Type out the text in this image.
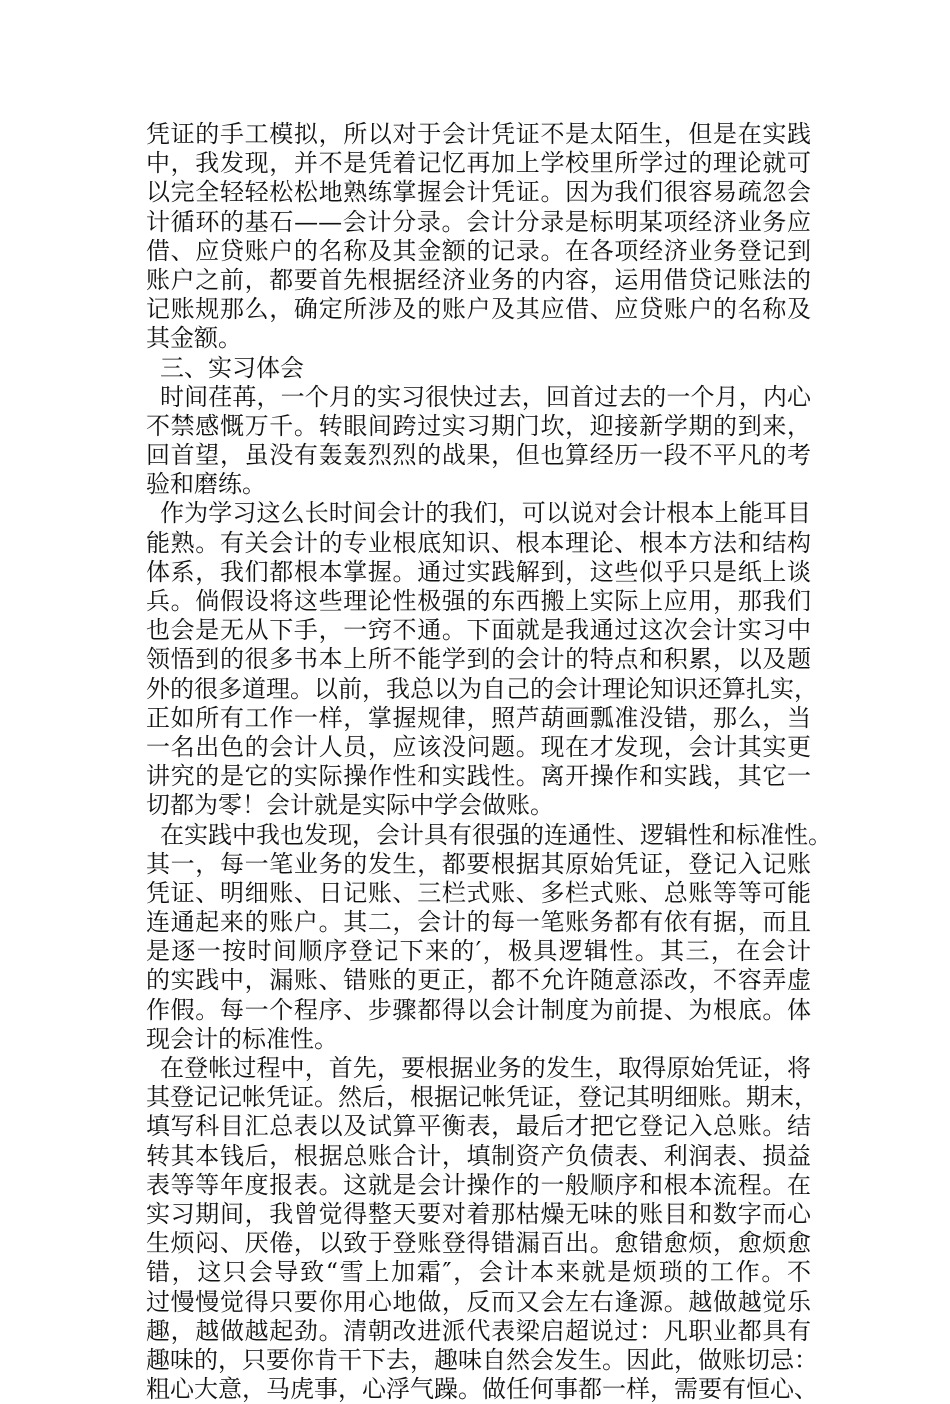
凭证的手工模拟，所以对于会计凭证不是太陌生，但是在实践
中，我发现，并不是凭着记忆再加上学校里所学过的理论就可
以完全轻轻松松地熟练掌握会计凭证。因为我们很容易疏忽会
计循环的基石——会计分录。会计分录是标明某项经济业务应
借、应贷账户的名称及其金额的记录。在各项经济业务登记到
账户之前，都要首先根据经济业务的内容，运用借贷记账法的
记账规那么，确定所涉及的账户及其应借、应贷账户的名称及
其金额。
三、实习体会
时间荏苒，一个月的实习很快过去，回首过去的一个月，内心
不禁感慨万千。转眼间跨过实习期门坎，迎接新学期的到来，
回首望，虽没有轰轰烈烈的战果，但也算经历一段不平凡的考
验和磨练。
作为学习这么长时间会计的我们，可以说对会计根本上能耳目
能熟。有关会计的专业根底知识、根本理论、根本方法和结构
体系，我们都根本掌握。通过实践解到，这些似乎只是纸上谈
兵。倘假设将这些理论性极强的东西搬上实际上应用，那我们
也会是无从下手，一窍不通。下面就是我通过这次会计实习中
领悟到的很多书本上所不能学到的会计的特点和积累，以及题
外的很多道理。以前，我总以为自己的会计理论知识还算扎实，
正如所有工作一样，掌握规律，照芦葫画瓢准没错，那么，当
一名出色的会计人员，应该没问题。现在才发现，会计其实更
讲究的是它的实际操作性和实践性。离开操作和实践，其它一
切都为零！会计就是实际中学会做账。
在实践中我也发现，会计具有很强的连通性、逻辑性和标准性。
其一，每一笔业务的发生，都要根据其原始凭证，登记入记账
凭证、明细账、日记账、三栏式账、多栏式账、总账等等可能
连通起来的账户。其二，会计的每一笔账务都有依有据，而且
是逐一按时间顺序登记下来的′，极具逻辑性。其三，在会计
的实践中，漏账、错账的更正，都不允许随意添改，不容弄虚
作假。每一个程序、步骤都得以会计制度为前提、为根底。体
现会计的标准性。
在登帐过程中，首先，要根据业务的发生，取得原始凭证，将
其登记记帐凭证。然后，根据记帐凭证，登记其明细账。期末，
填写科目汇总表以及试算平衡表，最后才把它登记入总账。结
转其本钱后，根据总账合计，填制资产负债表、利润表、损益
表等等年度报表。这就是会计操作的一般顺序和根本流程。在
实习期间，我曾觉得整天要对着那枯燥无味的账目和数字而心
生烦闷、厌倦，以致于登账登得错漏百出。愈错愈烦，愈烦愈
错，这只会导致“雪上加霜″，会计本来就是烦琐的工作。不
过慢慢觉得只要你用心地做，反而又会左右逢源。越做越觉乐
趣，越做越起劲。清朝改进派代表梁启超说过：凡职业都具有
趣味的，只要你肯干下去，趣味自然会发生。因此，做账切忌：
粗心大意，马虎事，心浮气躁。做任何事都一样，需要有恒心、
